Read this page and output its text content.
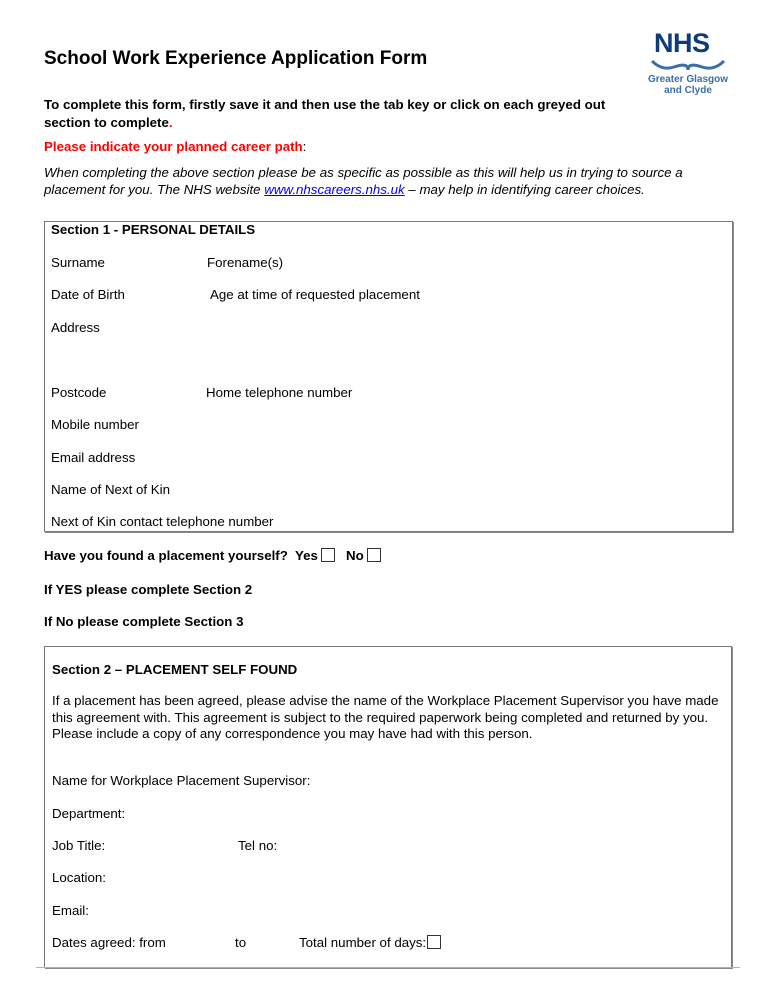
School Work Experience Application Form
NHS
Greater Glasgow
and Clyde
To complete this form, firstly save it and then use the tab key or click on each greyed out section to complete.
Please indicate your planned career path:
When completing the above section please be as specific as possible as this will help us in trying to source a placement for you. The NHS website www.nhscareers.nhs.uk – may help in identifying career choices.
Section 1 - PERSONAL DETAILS
Surname	Forename(s)
Date of Birth	Age at time of requested placement
Address
Postcode	Home telephone number
Mobile number
Email address
Name of Next of Kin
Next of Kin contact telephone number
Have you found a placement yourself? Yes No
If YES please complete Section 2
If No please complete Section 3
Section 2 – PLACEMENT SELF FOUND
If a placement has been agreed, please advise the name of the Workplace Placement Supervisor you have made this agreement with. This agreement is subject to the required paperwork being completed and returned by you. Please include a copy of any correspondence you may have had with this person.
Name for Workplace Placement Supervisor:
Department:
Job Title:	Tel no:
Location:
Email:
Dates agreed: from	to	Total number of days:
